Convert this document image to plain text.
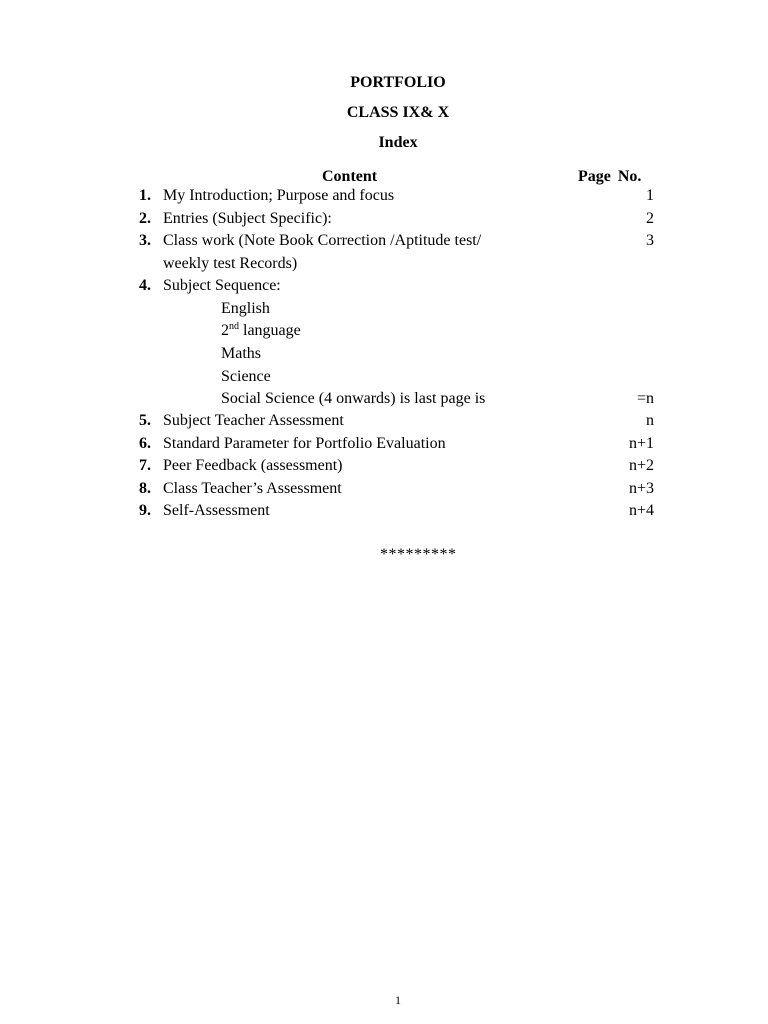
PORTFOLIO
CLASS IX& X
Index
Content	Page No.
1. My Introduction; Purpose and focus	1
2. Entries (Subject Specific):	2
3. Class work (Note Book Correction /Aptitude test/	3
weekly test Records)
4. Subject Sequence:
English
2nd language
Maths
Science
Social Science (4 onwards) is last page is	=n
5. Subject Teacher Assessment	n
6. Standard Parameter for Portfolio Evaluation	n+1
7. Peer Feedback (assessment)	n+2
8. Class Teacher’s Assessment	n+3
9. Self-Assessment	n+4
*********
1
